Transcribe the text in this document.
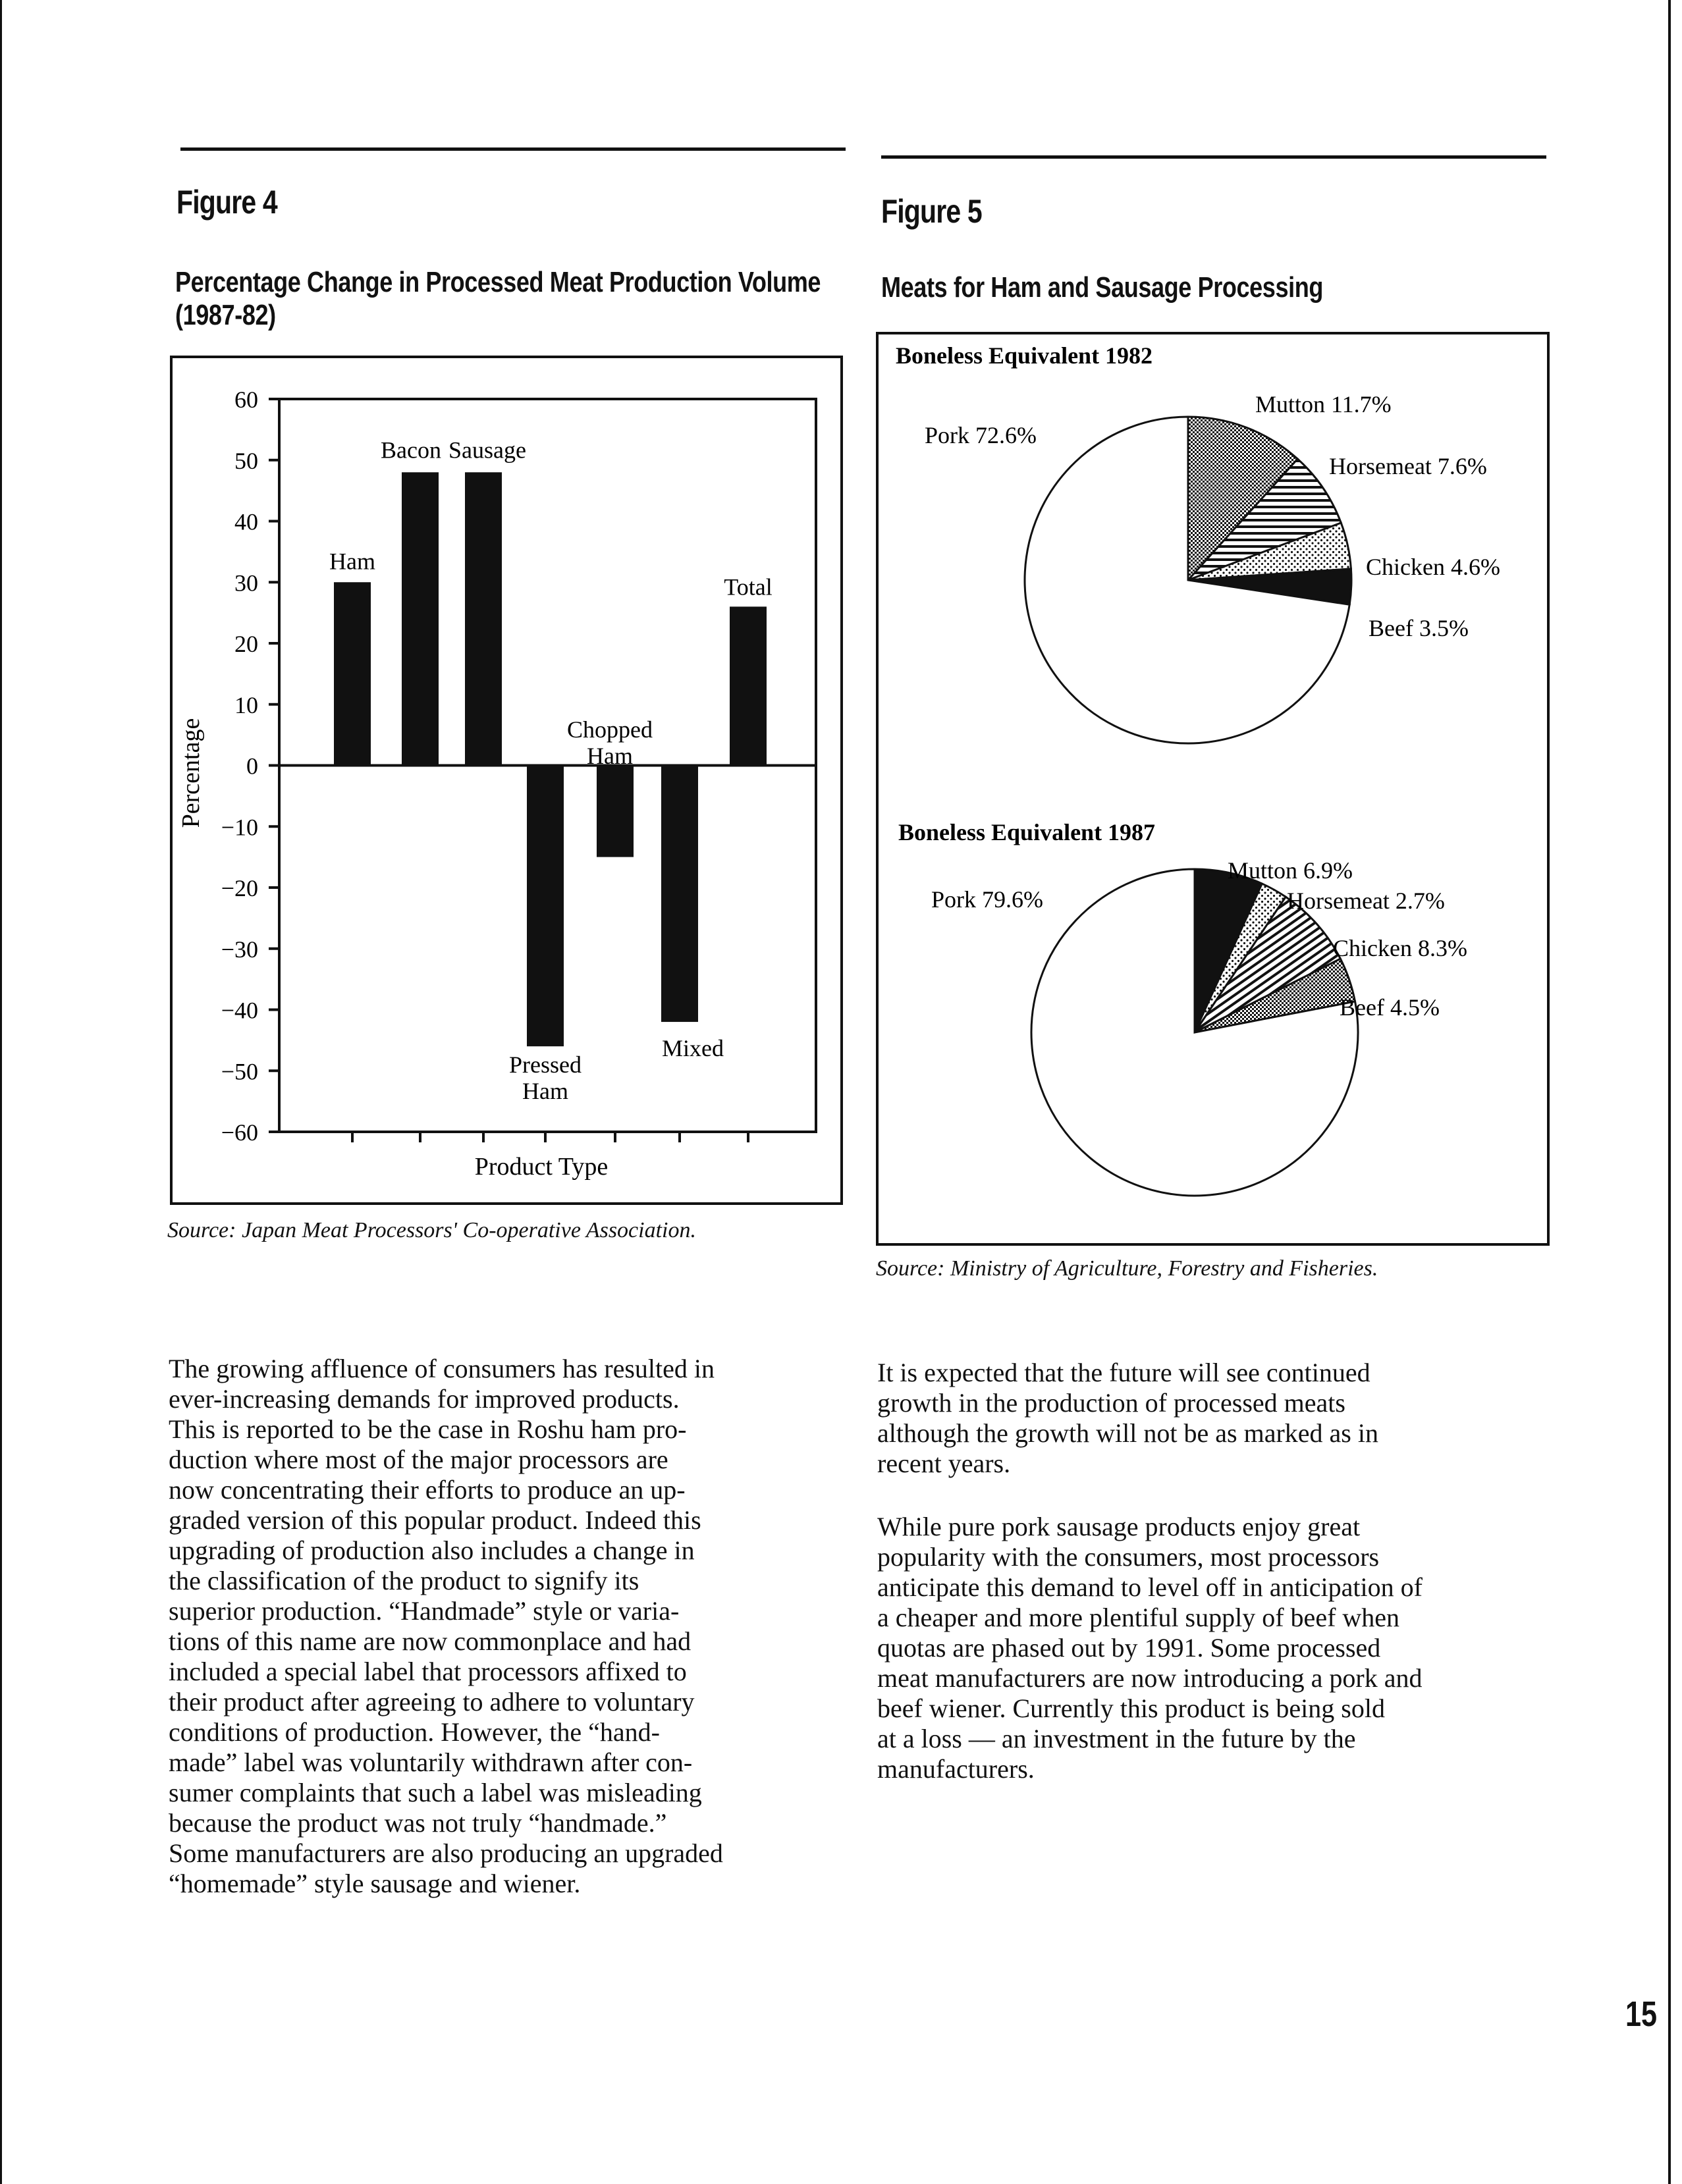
Figure 4
Percentage Change in Processed Meat Production Volume
(1987-82)
60
50
40
30
20
10
0
−10
−20
−30
−40
−50
−60
Ham
Bacon Sausage
Pressed
Ham
Chopped
Ham
Mixed
Total
Percentage
Product Type
Source: Japan Meat Processors' Co-operative Association.
Figure 5
Meats for Ham and Sausage Processing
Boneless Equivalent 1982
Pork 72.6%
Mutton 11.7%
Horsemeat 7.6%
Chicken 4.6%
Beef 3.5%
Boneless Equivalent 1987
Pork 79.6%
Mutton 6.9%
Horsemeat 2.7%
Chicken 8.3%
Beef 4.5%
Source: Ministry of Agriculture, Forestry and Fisheries.
The growing affluence of consumers has resulted in
ever-increasing demands for improved products.
This is reported to be the case in Roshu ham pro-
duction where most of the major processors are
now concentrating their efforts to produce an up-
graded version of this popular product. Indeed this
upgrading of production also includes a change in
the classification of the product to signify its
superior production. “Handmade” style or varia-
tions of this name are now commonplace and had
included a special label that processors affixed to
their product after agreeing to adhere to voluntary
conditions of production. However, the “hand-
made” label was voluntarily withdrawn after con-
sumer complaints that such a label was misleading
because the product was not truly “handmade.”
Some manufacturers are also producing an upgraded
“homemade” style sausage and wiener.
It is expected that the future will see continued
growth in the production of processed meats
although the growth will not be as marked as in
recent years.
While pure pork sausage products enjoy great
popularity with the consumers, most processors
anticipate this demand to level off in anticipation of
a cheaper and more plentiful supply of beef when
quotas are phased out by 1991. Some processed
meat manufacturers are now introducing a pork and
beef wiener. Currently this product is being sold
at a loss — an investment in the future by the
manufacturers.
15
